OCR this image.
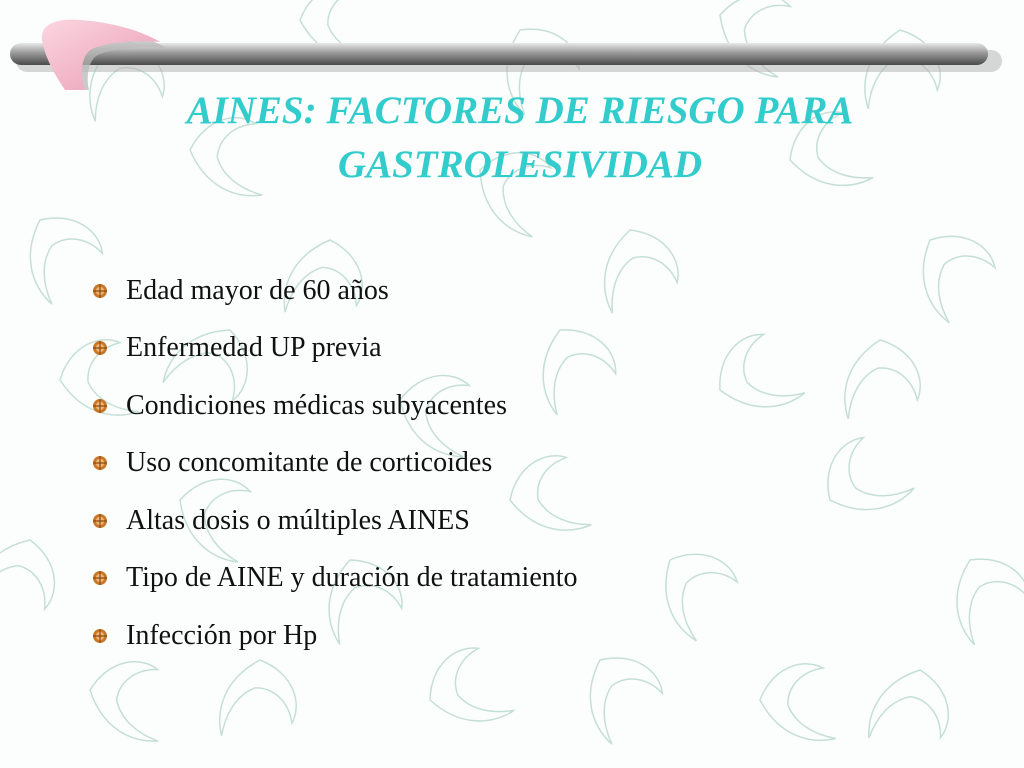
AINES: FACTORES DE RIESGO PARA
GASTROLESIVIDAD
Edad mayor de 60 años
Enfermedad UP previa
Condiciones médicas subyacentes
Uso concomitante de corticoides
Altas dosis o múltiples AINES
Tipo de AINE y duración de tratamiento
Infección por Hp
